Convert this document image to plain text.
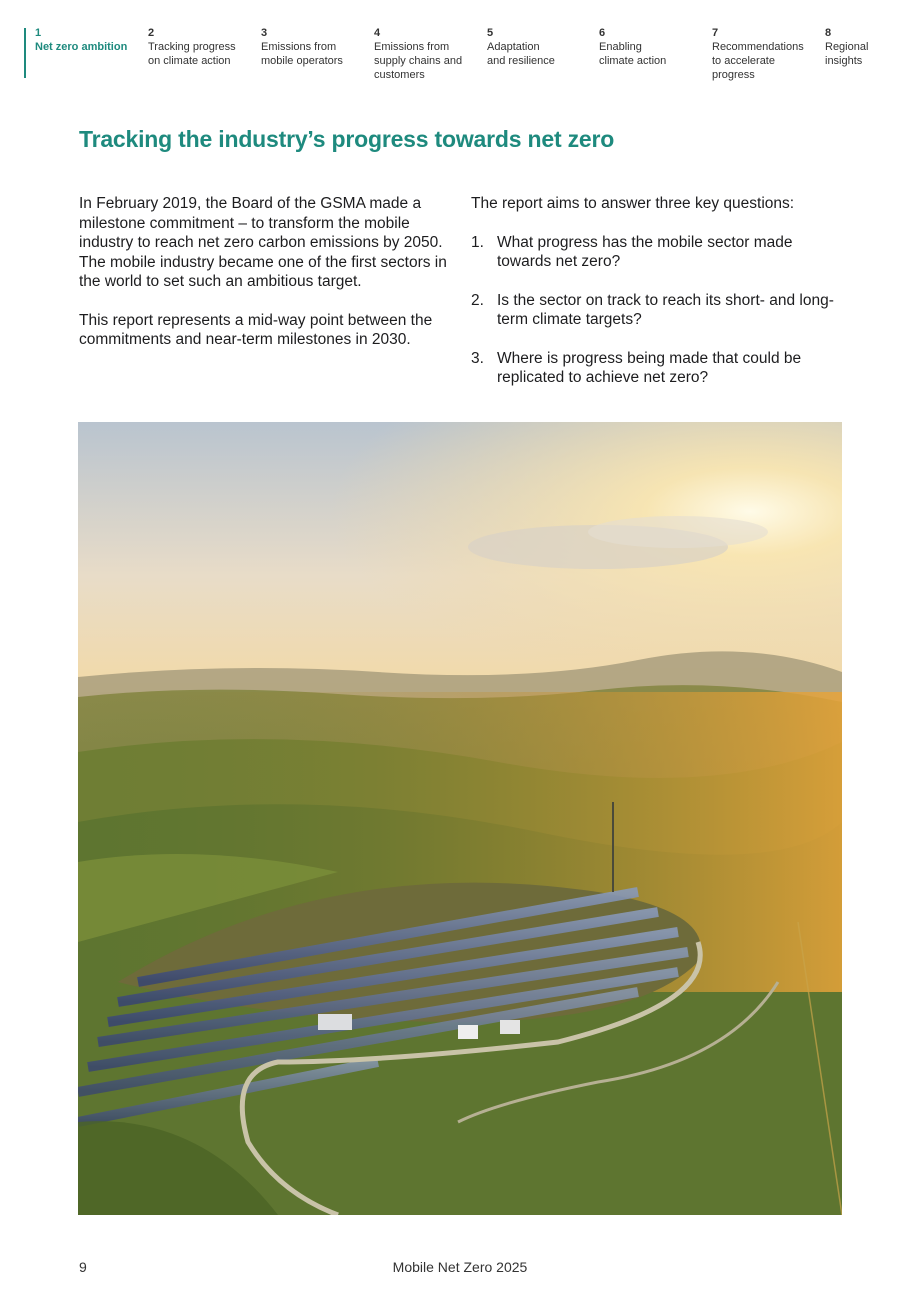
1
Net zero ambition
2
Tracking progress
on climate action
3
Emissions from
mobile operators
4
Emissions from
supply chains and
customers
5
Adaptation
and resilience
6
Enabling
climate action
7
Recommendations
to accelerate
progress
8
Regional
insights
Tracking the industry’s progress towards net zero

In February 2019, the Board of the GSMA made a milestone commitment – to transform the mobile industry to reach net zero carbon emissions by 2050. The mobile industry became one of the first sectors in the world to set such an ambitious target.

This report represents a mid-way point between the commitments and near-term milestones in 2030.

The report aims to answer three key questions:

1. What progress has the mobile sector made towards net zero?
2. Is the sector on track to reach its short- and long-term climate targets?
3. Where is progress being made that could be replicated to achieve net zero?
9	Mobile Net Zero 2025
